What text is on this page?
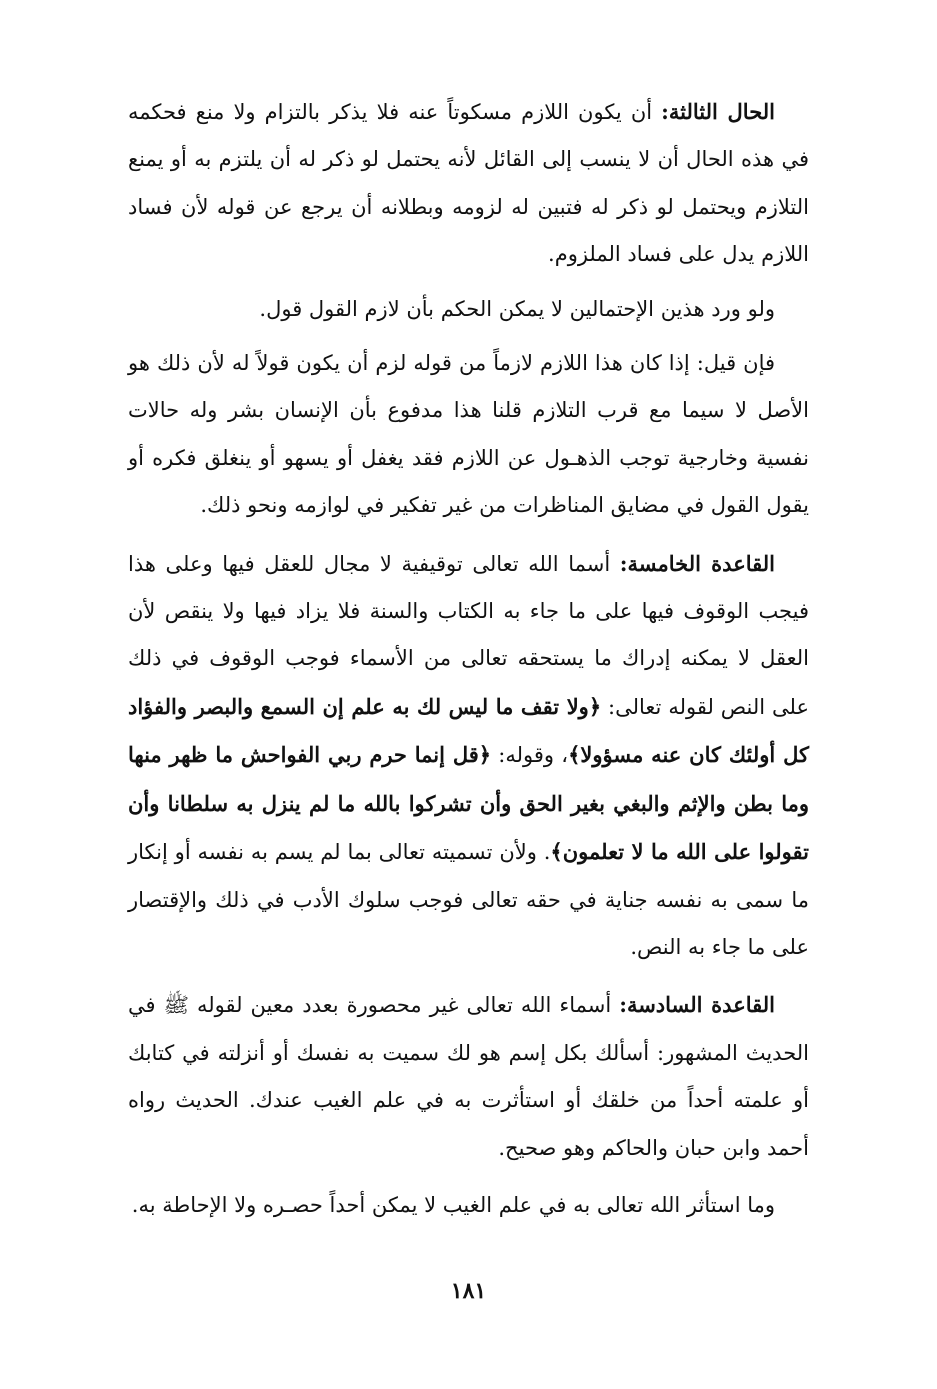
الحال الثالثة: أن يكون اللازم مسكوتاً عنه فلا يذكر بالتزام ولا منع فحكمه في هذه الحال أن لا ينسب إلى القائل لأنه يحتمل لو ذكر له أن يلتزم به أو يمنع التلازم ويحتمل لو ذكر له فتبين له لزومه وبطلانه أن يرجع عن قوله لأن فساد اللازم يدل على فساد الملزوم.

ولو ورد هذين الإحتمالين لا يمكن الحكم بأن لازم القول قول.

فإن قيل: إذا كان هذا اللازم لازماً من قوله لزم أن يكون قولاً له لأن ذلك هو الأصل لا سيما مع قرب التلازم قلنا هذا مدفوع بأن الإنسان بشر وله حالات نفسية وخارجية توجب الذهـول عن اللازم فقد يغفل أو يسهو أو ينغلق فكره أو يقول القول في مضايق المناظرات من غير تفكير في لوازمه ونحو ذلك.

القاعدة الخامسة: أسما الله تعالى توقيفية لا مجال للعقل فيها وعلى هذا فيجب الوقوف فيها على ما جاء به الكتاب والسنة فلا يزاد فيها ولا ينقص لأن العقل لا يمكنه إدراك ما يستحقه تعالى من الأسماء فوجب الوقوف في ذلك على النص لقوله تعالى: ﴿ولا تقف ما ليس لك به علم إن السمع والبصر والفؤاد كل أولئك كان عنه مسؤولا﴾، وقوله: ﴿قل إنما حرم ربي الفواحش ما ظهر منها وما بطن والإثم والبغي بغير الحق وأن تشركوا بالله ما لم ينزل به سلطانا وأن تقولوا على الله ما لا تعلمون﴾. ولأن تسميته تعالى بما لم يسم به نفسه أو إنكار ما سمى به نفسه جناية في حقه تعالى فوجب سلوك الأدب في ذلك والإقتصار على ما جاء به النص.

القاعدة السادسة: أسماء الله تعالى غير محصورة بعدد معين لقوله ﷺ في الحديث المشهور: أسألك بكل إسم هو لك سميت به نفسك أو أنزلته في كتابك أو علمته أحداً من خلقك أو استأثرت به في علم الغيب عندك. الحديث رواه أحمد وابن حبان والحاكم وهو صحيح.

وما استأثر الله تعالى به في علم الغيب لا يمكن أحداً حصـره ولا الإحاطة به.

١٨١
